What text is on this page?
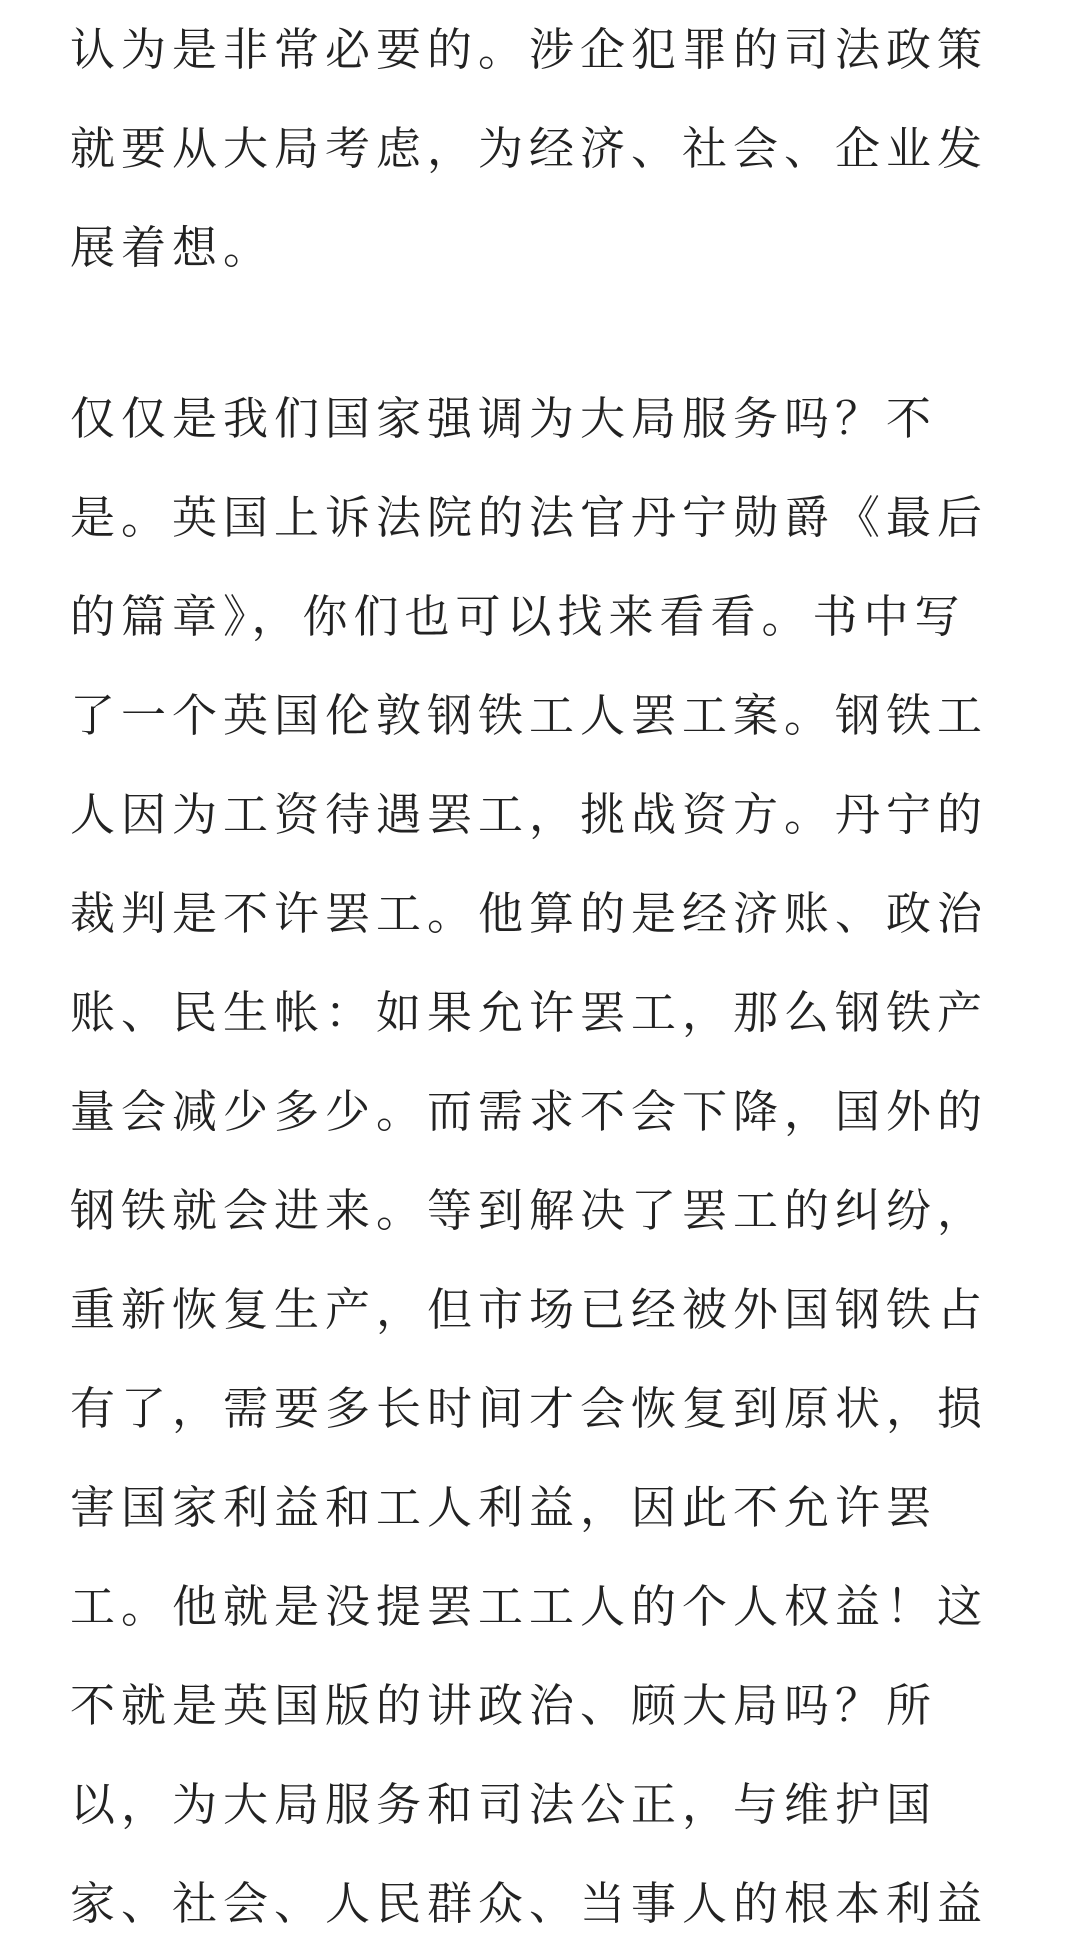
认为是非常必要的。涉企犯罪的司法政策
就要从大局考虑，为经济、社会、企业发
展着想。
仅仅是我们国家强调为大局服务吗？不
是。英国上诉法院的法官丹宁勋爵《最后
的篇章》，你们也可以找来看看。书中写
了一个英国伦敦钢铁工人罢工案。钢铁工
人因为工资待遇罢工，挑战资方。丹宁的
裁判是不许罢工。他算的是经济账、政治
账、民生帐：如果允许罢工，那么钢铁产
量会减少多少。而需求不会下降，国外的
钢铁就会进来。等到解决了罢工的纠纷，
重新恢复生产，但市场已经被外国钢铁占
有了，需要多长时间才会恢复到原状，损
害国家利益和工人利益，因此不允许罢
工。他就是没提罢工工人的个人权益！这
不就是英国版的讲政治、顾大局吗？所
以，为大局服务和司法公正，与维护国
家、社会、人民群众、当事人的根本利益
